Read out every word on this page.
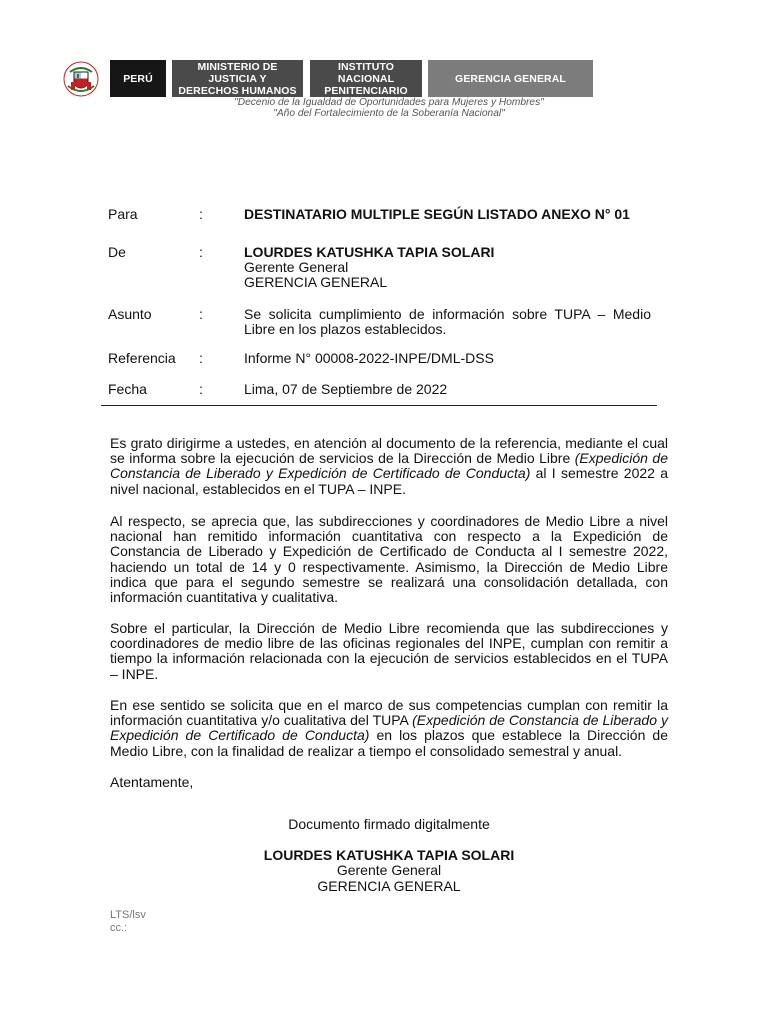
PERÚ
MINISTERIO DE JUSTICIA Y
DERECHOS HUMANOS
INSTITUTO NACIONAL
PENITENCIARIO
GERENCIA GENERAL
"Decenio de la Igualdad de Oportunidades para Mujeres y Hombres"
"Año del Fortalecimiento de la Soberanía Nacional"
Para	:	DESTINATARIO MULTIPLE SEGÚN LISTADO ANEXO N° 01
De	:	LOURDES KATUSHKA TAPIA SOLARI
Gerente General
GERENCIA GENERAL
Asunto	:	Se solicita cumplimiento de información sobre TUPA – Medio Libre en los plazos establecidos.
Referencia	:	Informe N° 00008-2022-INPE/DML-DSS
Fecha	:	Lima, 07 de Septiembre de 2022
Es grato dirigirme a ustedes, en atención al documento de la referencia, mediante el cual se informa sobre la ejecución de servicios de la Dirección de Medio Libre (Expedición de Constancia de Liberado y Expedición de Certificado de Conducta) al I semestre 2022 a nivel nacional, establecidos en el TUPA – INPE.
Al respecto, se aprecia que, las subdirecciones y coordinadores de Medio Libre a nivel nacional han remitido información cuantitativa con respecto a la Expedición de Constancia de Liberado y Expedición de Certificado de Conducta al I semestre 2022, haciendo un total de 14 y 0 respectivamente. Asimismo, la Dirección de Medio Libre indica que para el segundo semestre se realizará una consolidación detallada, con información cuantitativa y cualitativa.
Sobre el particular, la Dirección de Medio Libre recomienda que las subdirecciones y coordinadores de medio libre de las oficinas regionales del INPE, cumplan con remitir a tiempo la información relacionada con la ejecución de servicios establecidos en el TUPA – INPE.
En ese sentido se solicita que en el marco de sus competencias cumplan con remitir la información cuantitativa y/o cualitativa del TUPA (Expedición de Constancia de Liberado y Expedición de Certificado de Conducta) en los plazos que establece la Dirección de Medio Libre, con la finalidad de realizar a tiempo el consolidado semestral y anual.
Atentamente,
Documento firmado digitalmente
LOURDES KATUSHKA TAPIA SOLARI
Gerente General
GERENCIA GENERAL
LTS/lsv
cc.:
